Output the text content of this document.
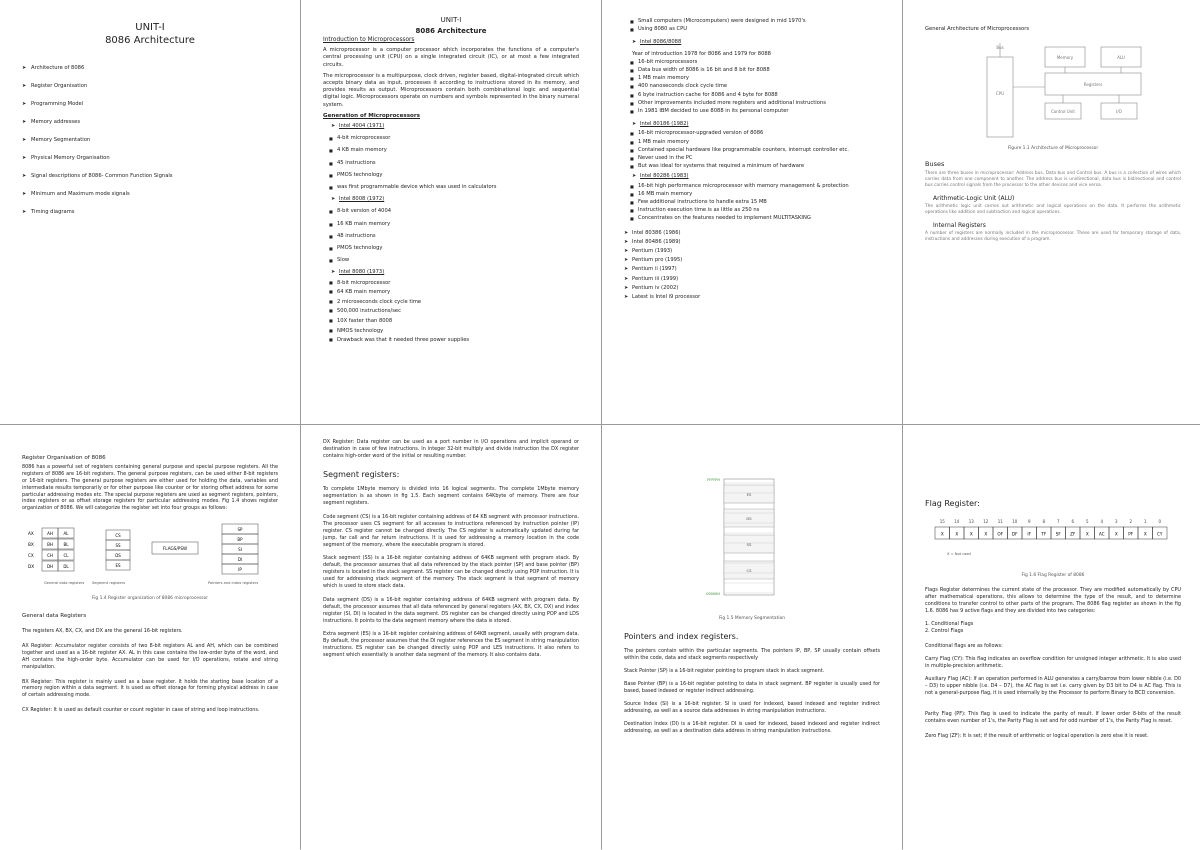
UNIT-I
8086 Architecture
➤ Architecture of 8086
➤ Register Organisation
➤ Programming Model
➤ Memory addresses
➤ Memory Segmentation
➤ Physical Memory Organisation
➤ Signal descriptions of 8086- Common Function Signals
➤ Minimum and Maximum mode signals
➤ Timing diagrams
UNIT-I
8086 Architecture
Introduction to Microprocessors

A microprocessor is a computer processor which incorporates the functions of a computer's central processing unit (CPU) on a single integrated circuit (IC), or at most a few integrated circuits.

The microprocessor is a multipurpose, clock driven, register based, digital-integrated circuit which accepts binary data as input, processes it according to instructions stored in its memory, and provides results as output. Microprocessors contain both combinational logic and sequential digital logic. Microprocessors operate on numbers and symbols represented in the binary numeral system.

Generation of Microprocessors
➤ Intel 4004 (1971)
■ 4-bit microprocessor
■ 4 KB main memory
■ 45 instructions
■ PMOS technology
■ was first programmable device which was used in calculators
➤ Intel 8008 (1972)
■ 8-bit version of 4004
■ 16 KB main memory
■ 48 instructions
■ PMOS technology
■ Slow
➤ Intel 8080 (1973)
■ 8-bit microprocessor
■ 64 KB main memory
■ 2 microseconds clock cycle time
■ 500,000 instructions/sec
■ 10X faster than 8008
■ NMOS technology
■ Drawback was that it needed three power supplies
■ Small computers (Microcomputers) were designed in mid 1970's
■ Using 8080 as CPU
➤ Intel 8086/8088
Year of introduction 1978 for 8086 and 1979 for 8088
■ 16-bit microprocessors
■ Data bus width of 8086 is 16 bit and 8 bit for 8088
■ 1 MB main memory
■ 400 nanoseconds clock cycle time
■ 6 byte instruction cache for 8086 and 4 byte for 8088
■ Other improvements included more registers and additional instructions
■ In 1981 IBM decided to use 8088 in its personal computer
➤ Intel 80186 (1982)
■ 16-bit microprocessor-upgraded version of 8086
■ 1 MB main memory
■ Contained special hardware like programmable counters, interrupt controller etc.
■ Never used in the PC
■ But was ideal for systems that required a minimum of hardware
➤ Intel 80286 (1983)
■ 16-bit high performance microprocessor with memory management & protection
■ 16 MB main memory
■ Few additional instructions to handle extra 15 MB
■ Instruction execution time is as little as 250 ns
■ Concentrates on the features needed to implement MULTITASKING
➤ Intel 80386 (1986)
➤ Intel 80486 (1989)
➤ Pentium (1993)
➤ Pentium pro (1995)
➤ Pentium ii (1997)
➤ Pentium iii (1999)
➤ Pentium iv (2002)
➤ Latest is Intel i9 processor
General Architecture of Microprocessors
CPU
Memory	ALU
Registers
Control Unit	I/O
Bus
Figure 1.1 Architecture of Microprocessor
Buses

There are three buses in microprocessor: Address bus, Data bus and Control bus. A bus is a collection of wires which carries data from one component to another. The address bus is unidirectional, data bus is bidirectional and control bus carries control signals from the processor to the other devices and vice versa.

Arithmetic-Logic Unit (ALU)

The arithmetic logic unit carries out arithmetic and logical operations on the data. It performs the arithmetic operations like addition and subtraction and logical operations.

Internal Registers

A number of registers are normally included in the microprocessor. These are used for temporary storage of data, instructions and addresses during execution of a program.

Register Organisation of 8086

8086 has a powerful set of registers containing general purpose and special purpose registers. All the registers of 8086 are 16-bit registers. The general purpose registers, can be used either 8-bit registers or 16-bit registers. The general purpose registers are either used for holding the data, variables and intermediate results temporarily or for other purpose like counter or for storing offset address for some particular addressing modes etc. The special purpose registers are used as segment registers, pointers, index registers or as offset storage registers for particular addressing modes. Fig 1.4 shows register organization of 8086. We will categorize the register set into four groups as follows:

AX	AH	AL
BX	BH	BL
CX	CH	CL
DX	DH	DL
CS
SS
DS
ES
FLAGS/PSW
SP
BP
SI
DI
IP
General data registers Segment registers	Pointers and index registers
Fig 1.4 Register organization of 8086 microprocessor
General data Registers

The registers AX, BX, CX, and DX are the general 16-bit registers.

AX Register: Accumulator register consists of two 8-bit registers AL and AH, which can be combined together and used as a 16-bit register AX. AL in this case contains the low-order byte of the word, and AH contains the high-order byte. Accumulator can be used for I/O operations, rotate and string manipulation.

BX Register: This register is mainly used as a base register. It holds the starting base location of a memory region within a data segment. It is used as offset storage for forming physical address in case of certain addressing mode.

CX Register: It is used as default counter or count register in case of string and loop instructions.

DX Register: Data register can be used as a port number in I/O operations and implicit operand or destination in case of few instructions. In integer 32-bit multiply and divide instruction the DX register contains high-order word of the initial or resulting number.

Segment registers:

To complete 1Mbyte memory is divided into 16 logical segments. The complete 1Mbyte memory segmentation is as shown in fig 1.5. Each segment contains 64Kbyte of memory. There are four segment registers.

Code segment (CS) is a 16-bit register containing address of 64 KB segment with processor instructions. The processor uses CS segment for all accesses to instructions referenced by instruction pointer (IP) register. CS register cannot be changed directly. The CS register is automatically updated during far jump, far call and far return instructions. It is used for addressing a memory location in the code segment of the memory, where the executable program is stored.

Stack segment (SS) is a 16-bit register containing address of 64KB segment with program stack. By default, the processor assumes that all data referenced by the stack pointer (SP) and base pointer (BP) registers is located in the stack segment. SS register can be changed directly using POP instruction. It is used for addressing stack segment of the memory. The stack segment is that segment of memory which is used to store stack data.

Data segment (DS) is a 16-bit register containing address of 64KB segment with program data. By default, the processor assumes that all data referenced by general registers (AX, BX, CX, DX) and index register (SI, DI) is located in the data segment. DS register can be changed directly using POP and LDS instructions. It points to the data segment memory where the data is stored.

Extra segment (ES) is a 16-bit register containing address of 64KB segment, usually with program data. By default, the processor assumes that the DI register references the ES segment in string manipulation instructions. ES register can be changed directly using POP and LES instructions. It also refers to segment which essentially is another data segment of the memory. It also contains data.

FFFFFH
ES
DS
SS
CS
00000H
Fig 1.5 Memory Segmentation
Pointers and index registers.

The pointers contain within the particular segments. The pointers IP, BP, SP usually contain offsets within the code, data and stack segments respectively

Stack Pointer (SP) is a 16-bit register pointing to program stack in stack segment.

Base Pointer (BP) is a 16-bit register pointing to data in stack segment. BP register is usually used for based, based indexed or register indirect addressing.

Source Index (SI) is a 16-bit register. SI is used for indexed, based indexed and register indirect addressing, as well as a source data addresses in string manipulation instructions.

Destination Index (DI) is a 16-bit register. DI is used for indexed, based indexed and register indirect addressing, as well as a destination data address in string manipulation instructions.

Flag Register:
15 14 13 12 11 10	9	8	7	6	5	4	3	2	1	0
X	X	X	X OF DF IF TF SF ZF X AC X	PF	X CY
X = Not used
Fig 1.6 Flag Register of 8086

Flags Register determines the current state of the processor. They are modified automatically by CPU after mathematical operations, this allows to determine the type of the result, and to determine conditions to transfer control to other parts of the program. The 8086 flag register as shown in the fig 1.6. 8086 has 9 active flags and they are divided into two categories:

1. Conditional Flags
2. Control Flags
Conditional flags are as follows:

Carry Flag (CY): This flag indicates an overflow condition for unsigned integer arithmetic. It is also used in multiple-precision arithmetic.

Auxiliary Flag (AC): If an operation performed in ALU generates a carry/barrow from lower nibble (i.e. D0 – D3) to upper nibble (i.e. D4 – D7), the AC flag is set i.e. carry given by D3 bit to D4 is AC flag. This is not a general-purpose flag, it is used internally by the Processor to perform Binary to BCD conversion.

Parity Flag (PF): This flag is used to indicate the parity of result. If lower order 8-bits of the result contains even number of 1's, the Parity Flag is set and for odd number of 1's, the Parity Flag is reset.

Zero Flag (ZF): It is set; if the result of arithmetic or logical operation is zero else it is reset.
